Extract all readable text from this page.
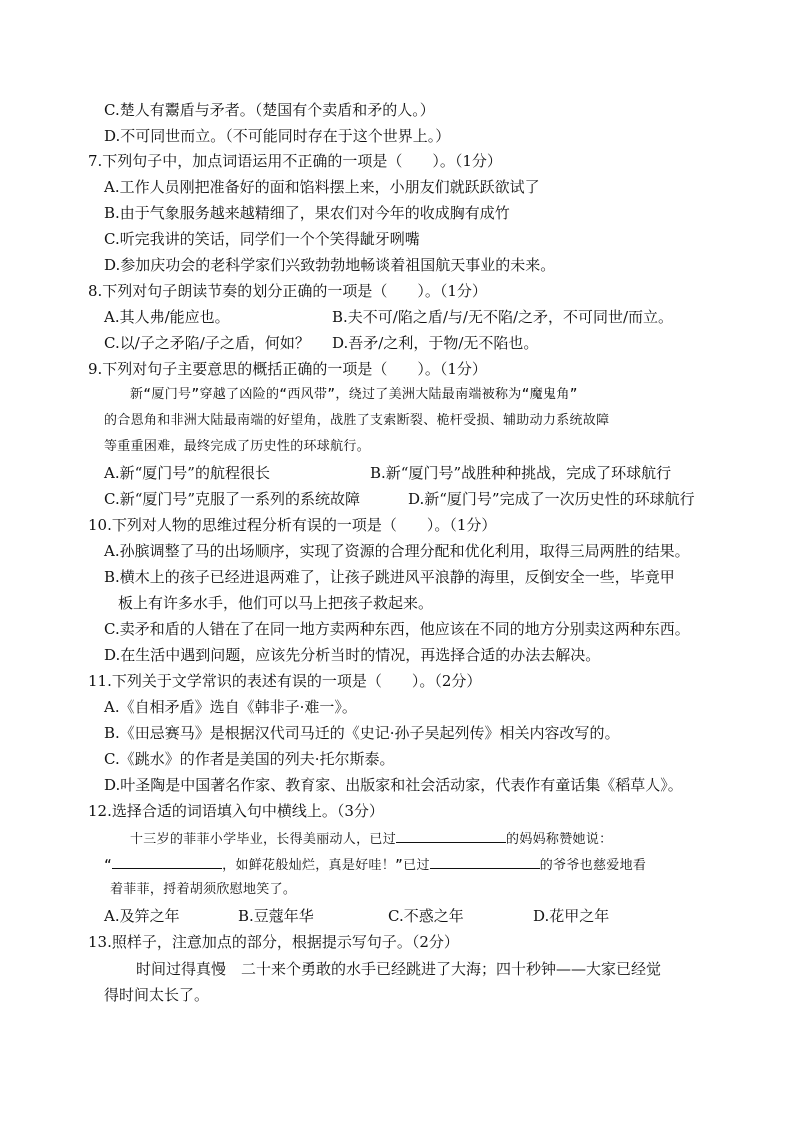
C.楚人有鬻盾与矛者。（楚国有个卖盾和矛的人。）
D.不可同世而立。（不可能同时存在于这个世界上。）
7.下列句子中，加点词语运用不正确的一项是（　　）。（1分）
A.工作人员刚把准备好的面和馅料摆上来，小朋友们就跃跃欲试了
B.由于气象服务越来越精细了，果农们对今年的收成胸有成竹
C.听完我讲的笑话，同学们一个个笑得龇牙咧嘴
D.参加庆功会的老科学家们兴致勃勃地畅谈着祖国航天事业的未来。
8.下列对句子朗读节奏的划分正确的一项是（　　）。（1分）
A.其人弗/能应也。	B.夫不可/陷之盾/与/无不陷/之矛，不可同世/而立。
C.以/子之矛陷/子之盾，何如？ D.吾矛/之利，于物/无不陷也。
9.下列对句子主要意思的概括正确的一项是（　　）。（1分）
新“厦门号”穿越了凶险的“西风带”，绕过了美洲大陆最南端被称为“魔鬼角”
的合恩角和非洲大陆最南端的好望角，战胜了支索断裂、桅杆受损、辅助动力系统故障
等重重困难，最终完成了历史性的环球航行。
A.新“厦门号”的航程很长	B.新“厦门号”战胜种种挑战，完成了环球航行
C.新“厦门号”克服了一系列的系统故障	D.新“厦门号”完成了一次历史性的环球航行
10.下列对人物的思维过程分析有误的一项是（　　）。（1分）
A.孙膑调整了马的出场顺序，实现了资源的合理分配和优化利用，取得三局两胜的结果。
B.横木上的孩子已经进退两难了，让孩子跳进风平浪静的海里，反倒安全一些，毕竟甲
板上有许多水手，他们可以马上把孩子救起来。
C.卖矛和盾的人错在了在同一地方卖两种东西，他应该在不同的地方分别卖这两种东西。
D.在生活中遇到问题，应该先分析当时的情况，再选择合适的办法去解决。
11.下列关于文学常识的表述有误的一项是（　　）。（2分）
A.《自相矛盾》选自《韩非子·难一》。
B.《田忌赛马》是根据汉代司马迁的《史记·孙子吴起列传》相关内容改写的。
C.《跳水》的作者是美国的列夫·托尔斯泰。
D.叶圣陶是中国著名作家、教育家、出版家和社会活动家，代表作有童话集《稻草人》。
12.选择合适的词语填入句中横线上。（3分）
十三岁的菲菲小学毕业，长得美丽动人，已过	的妈妈称赞她说：
“	，如鲜花般灿烂，真是好哇！”已过	的爷爷也慈爱地看
着菲菲，捋着胡须欣慰地笑了。
A.及笄之年	B.豆蔻年华	C.不惑之年	D.花甲之年
13.照样子，注意加点的部分，根据提示写句子。（2分）
时间过得真慢　二十来个勇敢的水手已经跳进了大海；四十秒钟——大家已经觉
得时间太长了。
